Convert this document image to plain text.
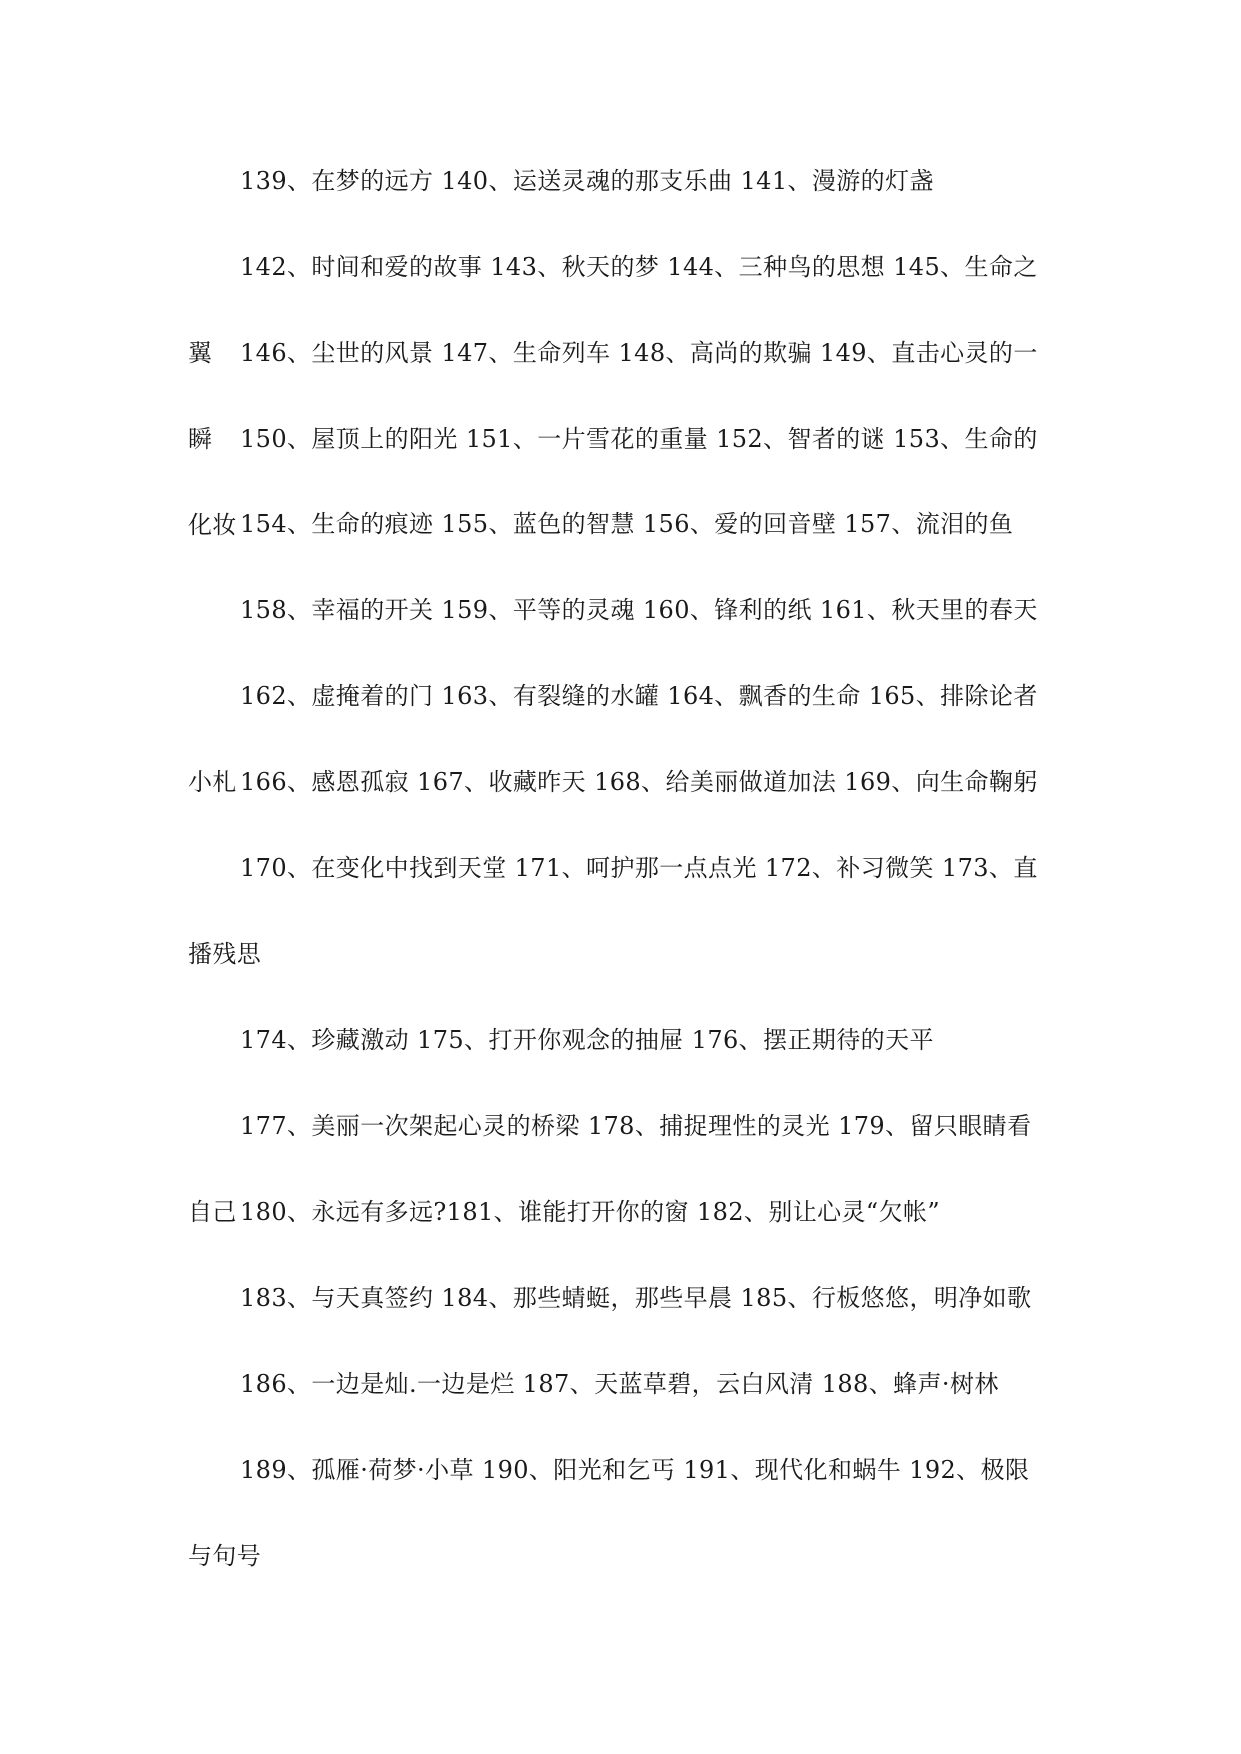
139、在梦的远方 140、运送灵魂的那支乐曲 141、漫游的灯盏

142、时间和爱的故事 143、秋天的梦 144、三种鸟的思想 145、生命之翼	146、尘世的风景 147、生命列车 148、高尚的欺骗 149、直击心灵的一瞬	150、屋顶上的阳光 151、一片雪花的重量 152、智者的谜 153、生命的化妆 154、生命的痕迹 155、蓝色的智慧 156、爱的回音壁 157、流泪的鱼

158、幸福的开关 159、平等的灵魂 160、锋利的纸 161、秋天里的春天

162、虚掩着的门 163、有裂缝的水罐 164、飘香的生命 165、排除论者小札 166、感恩孤寂 167、收藏昨天 168、给美丽做道加法 169、向生命鞠躬

170、在变化中找到天堂 171、呵护那一点点光 172、补习微笑 173、直播残思

174、珍藏激动 175、打开你观念的抽屉 176、摆正期待的天平

177、美丽一次架起心灵的桥梁 178、捕捉理性的灵光 179、留只眼睛看自己 180、永远有多远?181、谁能打开你的窗 182、别让心灵“欠帐”

183、与天真签约 184、那些蜻蜓，那些早晨 185、行板悠悠，明净如歌

186、一边是灿.一边是烂 187、天蓝草碧，云白风清 188、蜂声·树林

189、孤雁·荷梦·小草 190、阳光和乞丐 191、现代化和蜗牛 192、极限与句号
